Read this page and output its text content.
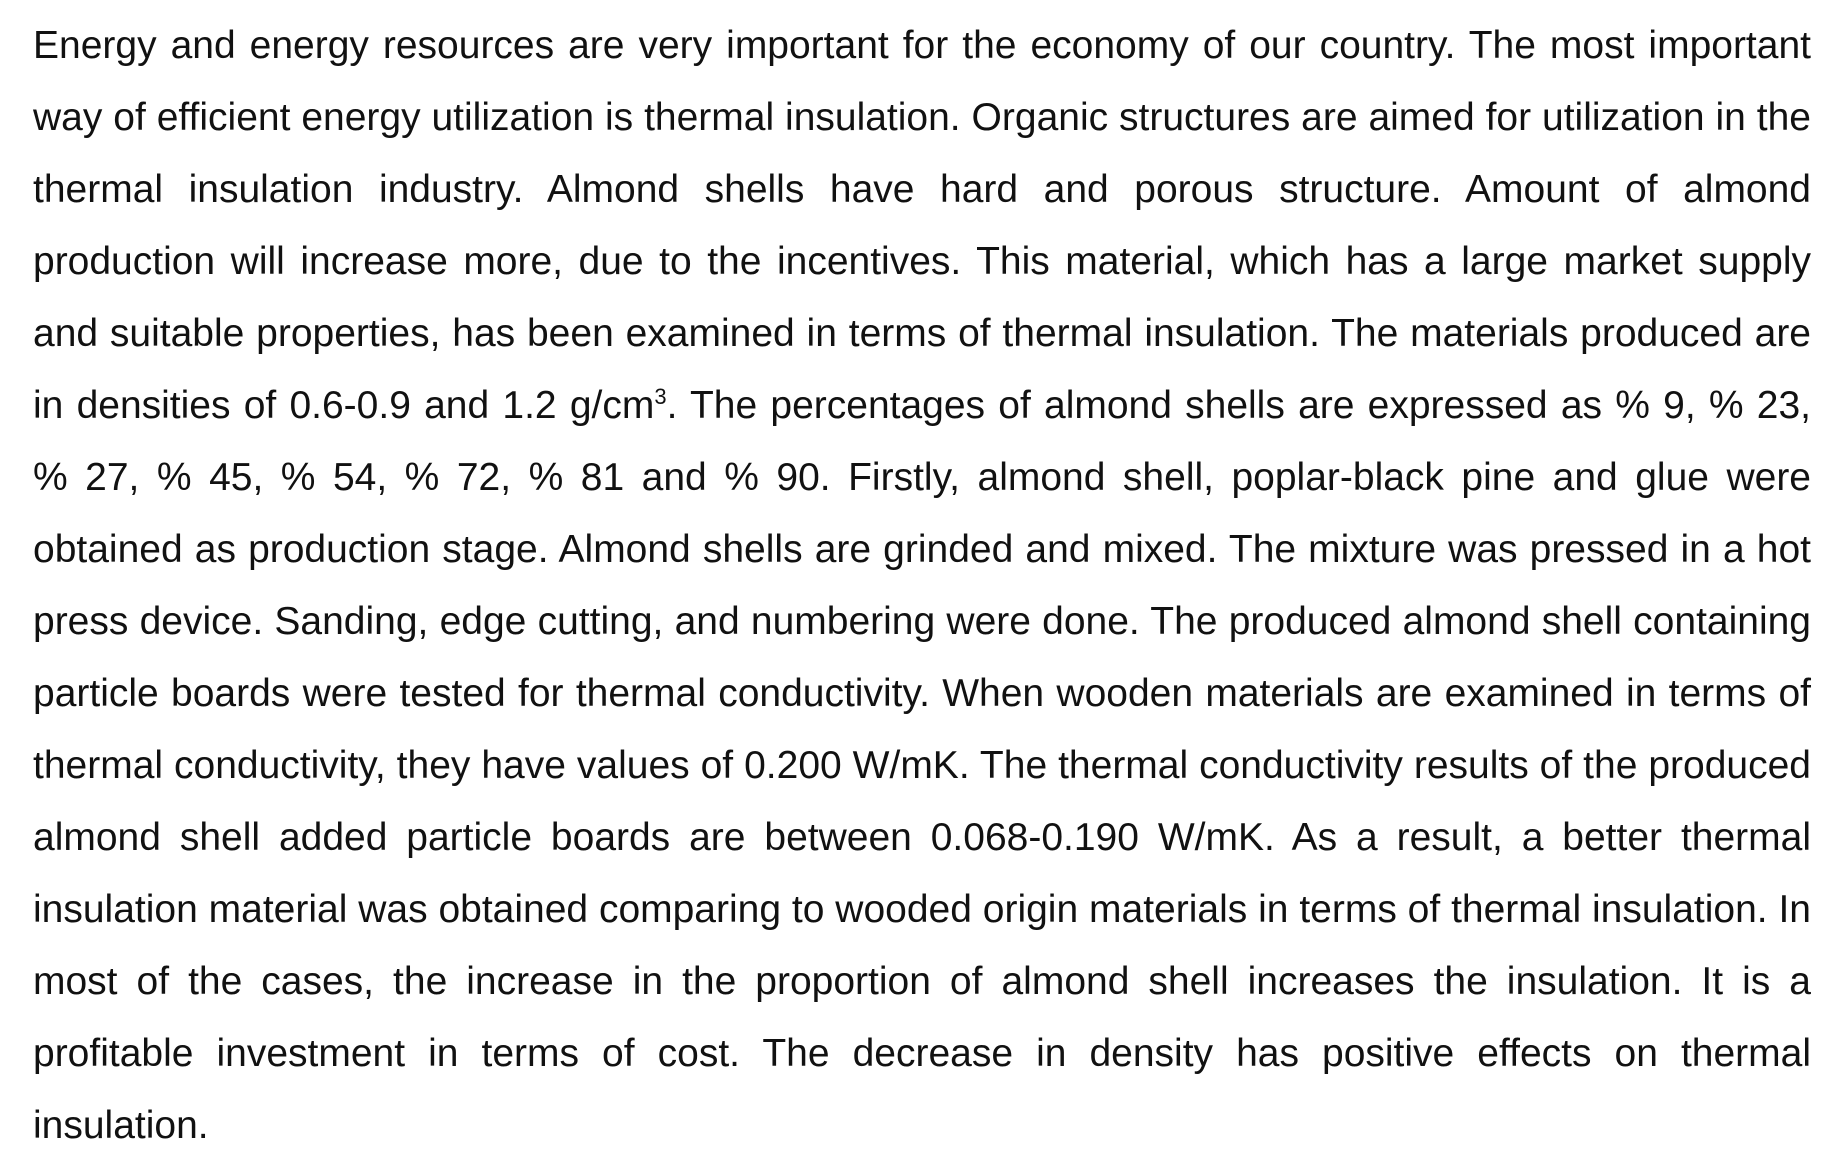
Energy and energy resources are very important for the economy of our country. The most important way of efficient energy utilization is thermal insulation. Organic structures are aimed for utilization in the thermal insulation industry. Almond shells have hard and porous structure. Amount of almond production will increase more, due to the incentives. This material, which has a large market supply and suitable properties, has been examined in terms of thermal insulation. The materials produced are in densities of 0.6-0.9 and 1.2 $g/cm^3$. The percentages of almond shells are expressed as % 9, % 23, % 27, % 45, % 54, % 72, % 81 and % 90. Firstly, almond shell, poplar-black pine and glue were obtained as production stage. Almond shells are grinded and mixed. The mixture was pressed in a hot press device. Sanding, edge cutting, and numbering were done. The produced almond shell containing particle boards were tested for thermal conductivity. When wooden materials are examined in terms of thermal conductivity, they have values of 0.200 W/mK. The thermal conductivity results of the produced almond shell added particle boards are between 0.068-0.190 W/mK. As a result, a better thermal insulation material was obtained comparing to wooded origin materials in terms of thermal insulation. In most of the cases, the increase in the proportion of almond shell increases the insulation. It is a profitable investment in terms of cost. The decrease in density has positive effects on thermal insulation.
